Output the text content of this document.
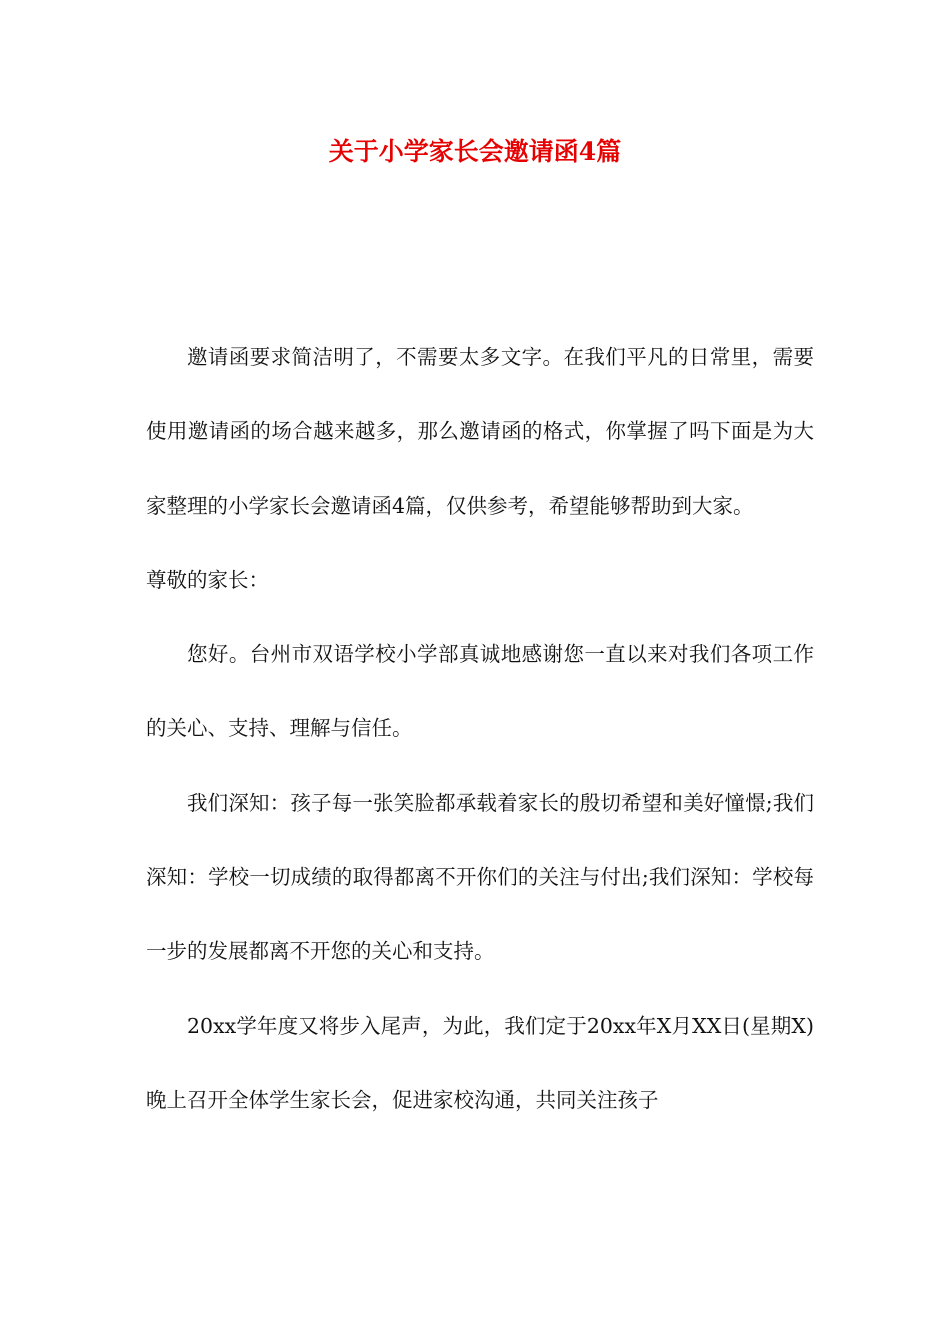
关于小学家长会邀请函4篇

邀请函要求简洁明了，不需要太多文字。在我们平凡的日常里，需要使用邀请函的场合越来越多，那么邀请函的格式，你掌握了吗下面是为大家整理的小学家长会邀请函4篇，仅供参考，希望能够帮助到大家。

尊敬的家长：

您好。台州市双语学校小学部真诚地感谢您一直以来对我们各项工作的关心、支持、理解与信任。

我们深知：孩子每一张笑脸都承载着家长的殷切希望和美好憧憬;我们深知：学校一切成绩的取得都离不开你们的关注与付出;我们深知：学校每一步的发展都离不开您的关心和支持。

20xx学年度又将步入尾声，为此，我们定于20xx年X月XX日(星期X)晚上召开全体学生家长会，促进家校沟通，共同关注孩子
